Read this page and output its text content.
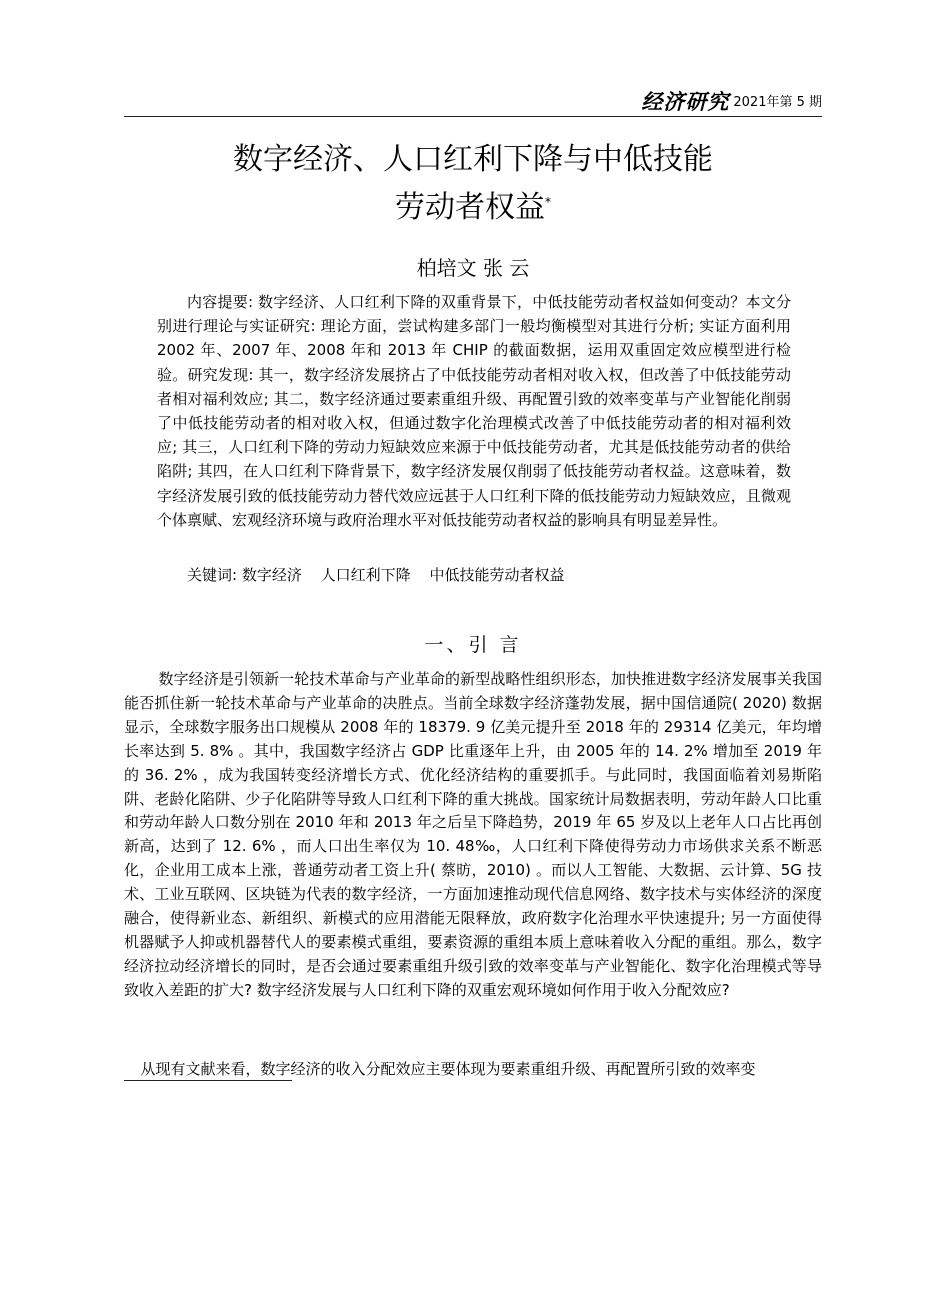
经济研究 2021年第 5 期
数字经济、人口红利下降与中低技能
劳动者权益*
柏培文 张 云

内容提要: 数字经济、人口红利下降的双重背景下，中低技能劳动者权益如何变动？本文分别进行理论与实证研究: 理论方面，尝试构建多部门一般均衡模型对其进行分析; 实证方面利用 2002 年、2007 年、2008 年和 2013 年 CHIP 的截面数据，运用双重固定效应模型进行检验。研究发现: 其一，数字经济发展挤占了中低技能劳动者相对收入权，但改善了中低技能劳动者相对福利效应; 其二，数字经济通过要素重组升级、再配置引致的效率变革与产业智能化削弱了中低技能劳动者的相对收入权，但通过数字化治理模式改善了中低技能劳动者的相对福利效应; 其三，人口红利下降的劳动力短缺效应来源于中低技能劳动者，尤其是低技能劳动者的供给陷阱; 其四，在人口红利下降背景下，数字经济发展仅削弱了低技能劳动者权益。这意味着，数字经济发展引致的低技能劳动力替代效应远甚于人口红利下降的低技能劳动力短缺效应，且微观个体禀赋、宏观经济环境与政府治理水平对低技能劳动者权益的影响具有明显差异性。

关键词: 数字经济 人口红利下降 中低技能劳动者权益
一、引 言

数字经济是引领新一轮技术革命与产业革命的新型战略性组织形态，加快推进数字经济发展事关我国能否抓住新一轮技术革命与产业革命的决胜点。当前全球数字经济蓬勃发展，据中国信通院( 2020) 数据显示，全球数字服务出口规模从 2008 年的 18379. 9 亿美元提升至 2018 年的 29314 亿美元，年均增长率达到 5. 8% 。其中，我国数字经济占 GDP 比重逐年上升，由 2005 年的 14. 2% 增加至 2019 年的 36. 2% ，成为我国转变经济增长方式、优化经济结构的重要抓手。与此同时，我国面临着刘易斯陷阱、老龄化陷阱、少子化陷阱等导致人口红利下降的重大挑战。国家统计局数据表明，劳动年龄人口比重和劳动年龄人口数分别在 2010 年和 2013 年之后呈下降趋势，2019 年 65 岁及以上老年人口占比再创新高，达到了 12. 6% ，而人口出生率仅为 10. 48‰，人口红利下降使得劳动力市场供求关系不断恶化，企业用工成本上涨，普通劳动者工资上升( 蔡昉，2010) 。而以人工智能、大数据、云计算、5G 技术、工业互联网、区块链为代表的数字经济，一方面加速推动现代信息网络、数字技术与实体经济的深度融合，使得新业态、新组织、新模式的应用潜能无限释放，政府数字化治理水平快速提升; 另一方面使得机器赋予人抑或机器替代人的要素模式重组，要素资源的重组本质上意味着收入分配的重组。那么，数字经济拉动经济增长的同时，是否会通过要素重组升级引致的效率变革与产业智能化、数字化治理模式等导致收入差距的扩大? 数字经济发展与人口红利下降的双重宏观环境如何作用于收入分配效应?

从现有文献来看，数字经济的收入分配效应主要体现为要素重组升级、再配置所引致的效率变
